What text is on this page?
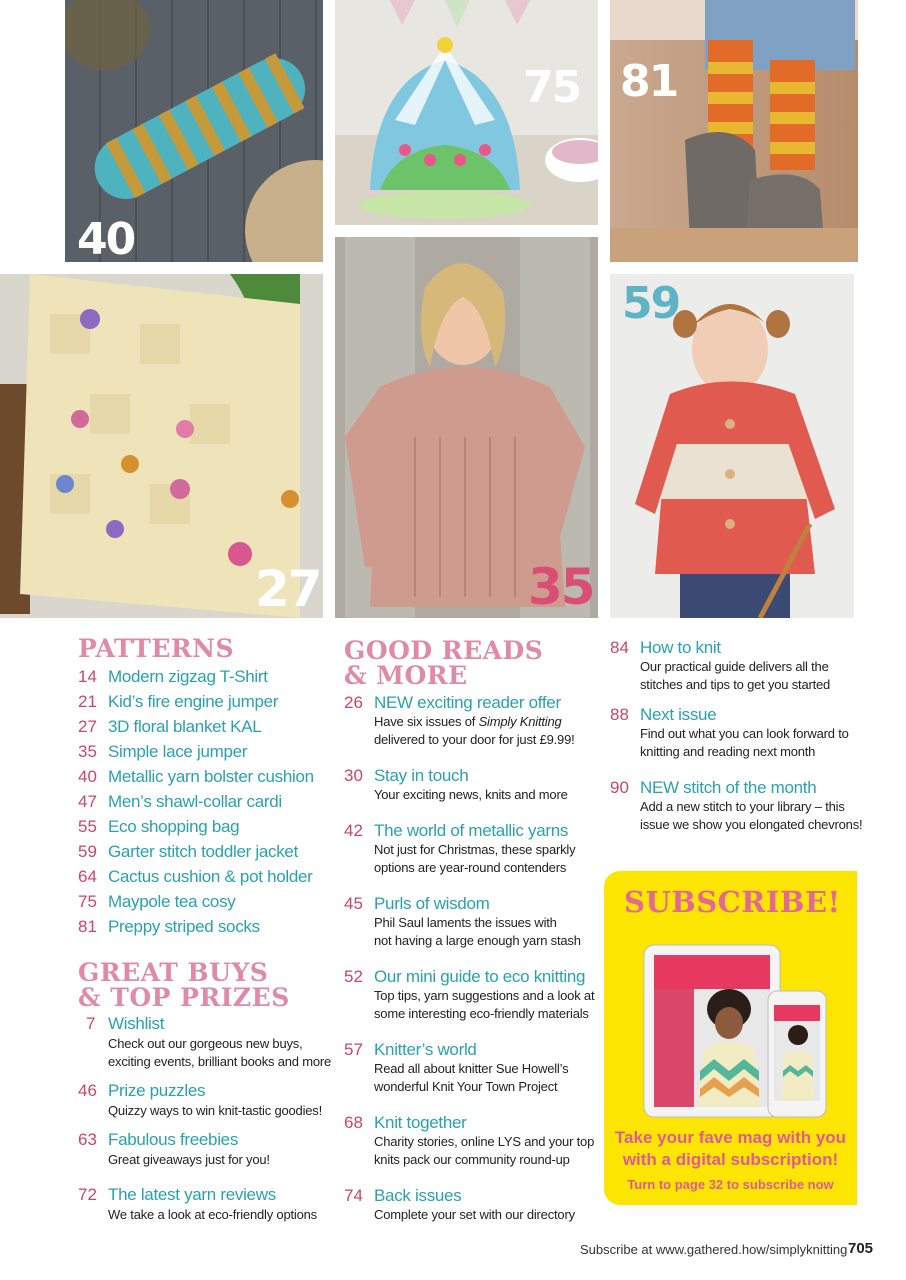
40
75 81
27	35
59
PATTERNS
14 Modern zigzag T-Shirt
21 Kid’s fire engine jumper
27 3D floral blanket KAL
35 Simple lace jumper
40 Metallic yarn bolster cushion
47 Men’s shawl-collar cardi
55 Eco shopping bag
59 Garter stitch toddler jacket
64 Cactus cushion & pot holder
75 Maypole tea cosy
81 Preppy striped socks
GREAT BUYS
& TOP PRIZES
7 Wishlist
Check out our gorgeous new buys,
exciting events, brilliant books and more
46 Prize puzzles
Quizzy ways to win knit-tastic goodies!
63 Fabulous freebies
Great giveaways just for you!
72 The latest yarn reviews
We take a look at eco-friendly options
GOOD READS
& MORE
26 NEW exciting reader offer
Have six issues of Simply Knitting
delivered to your door for just £9.99!
30 Stay in touch
Your exciting news, knits and more
42 The world of metallic yarns
Not just for Christmas, these sparkly
options are year-round contenders
45 Purls of wisdom
Phil Saul laments the issues with
not having a large enough yarn stash
52 Our mini guide to eco knitting
Top tips, yarn suggestions and a look at
some interesting eco-friendly materials
57 Knitter’s world
Read all about knitter Sue Howell’s
wonderful Knit Your Town Project
68 Knit together
Charity stories, online LYS and your top
knits pack our community round-up
74 Back issues
Complete your set with our directory
84 How to knit
Our practical guide delivers all the
stitches and tips to get you started
88 Next issue
Find out what you can look forward to
knitting and reading next month
90 NEW stitch of the month
Add a new stitch to your library – this
issue we show you elongated chevrons!
SUBSCRIBE!
Take your fave mag with you
with a digital subscription!
Turn to page 32 to subscribe now
Subscribe at www.gathered.how/simplyknitting 705
